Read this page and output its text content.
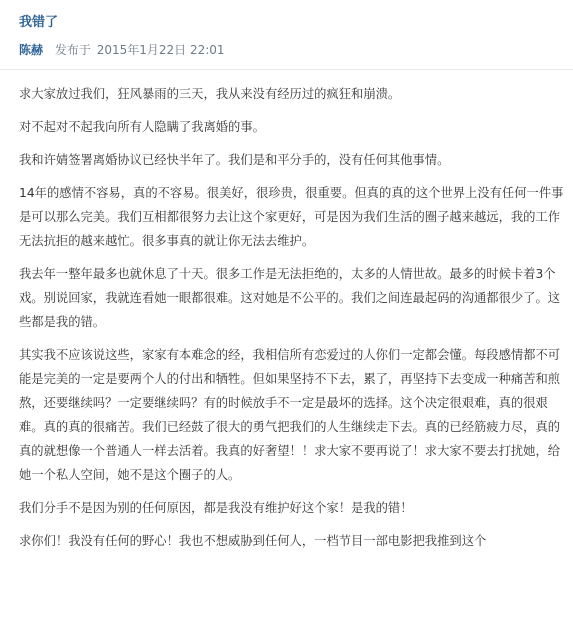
我错了
陈赫 发布于 2015年1月22日 22:01

求大家放过我们，狂风暴雨的三天，我从来没有经历过的疯狂和崩溃。

对不起对不起我向所有人隐瞒了我离婚的事。

我和许婧签署离婚协议已经快半年了。我们是和平分手的，没有任何其他事情。

14年的感情不容易，真的不容易。很美好，很珍贵，很重要。但真的真的这个世界上没有任何一件事是可以那么完美。我们互相都很努力去让这个家更好，可是因为我们生活的圈子越来越远，我的工作无法抗拒的越来越忙。很多事真的就让你无法去维护。

我去年一整年最多也就休息了十天。很多工作是无法拒绝的，太多的人情世故。最多的时候卡着3个戏。别说回家，我就连看她一眼都很难。这对她是不公平的。我们之间连最起码的沟通都很少了。这些都是我的错。

其实我不应该说这些，家家有本难念的经，我相信所有恋爱过的人你们一定都会懂。每段感情都不可能是完美的一定是要两个人的付出和牺牲。但如果坚持不下去，累了，再坚持下去变成一种痛苦和煎熬，还要继续吗？一定要继续吗？有的时候放手不一定是最坏的选择。这个决定很艰难，真的很艰难。真的真的很痛苦。我们已经鼓了很大的勇气把我们的人生继续走下去。真的已经筋疲力尽，真的真的就想像一个普通人一样去活着。我真的好奢望！！求大家不要再说了！求大家不要去打扰她，给她一个私人空间，她不是这个圈子的人。

我们分手不是因为别的任何原因，都是我没有维护好这个家！是我的错！

求你们！我没有任何的野心！我也不想威胁到任何人，一档节目一部电影把我推到这个
